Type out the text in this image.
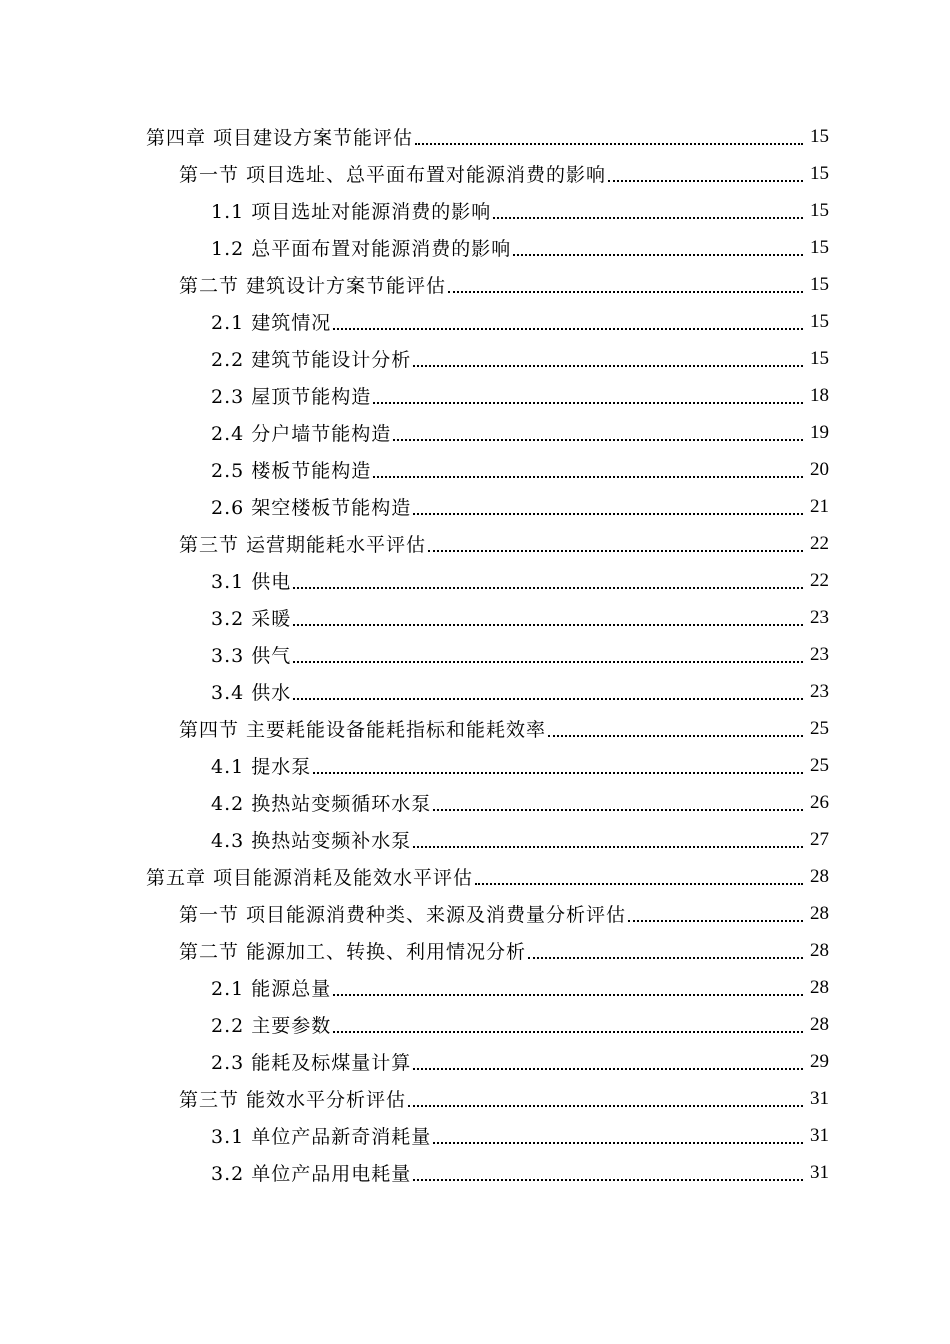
第四章 项目建设方案节能评估	15
第一节 项目选址、总平面布置对能源消费的影响	15
1.1 项目选址对能源消费的影响	15
1.2 总平面布置对能源消费的影响	15
第二节 建筑设计方案节能评估	15
2.1 建筑情况	15
2.2 建筑节能设计分析	15
2.3 屋顶节能构造	18
2.4 分户墙节能构造	19
2.5 楼板节能构造	20
2.6 架空楼板节能构造	21
第三节 运营期能耗水平评估	22
3.1 供电	22
3.2 采暖	23
3.3 供气	23
3.4 供水	23
第四节 主要耗能设备能耗指标和能耗效率	25
4.1 提水泵	25
4.2 换热站变频循环水泵	26
4.3 换热站变频补水泵	27
第五章 项目能源消耗及能效水平评估	28
第一节 项目能源消费种类、来源及消费量分析评估	28
第二节 能源加工、转换、利用情况分析	28
2.1 能源总量	28
2.2 主要参数	28
2.3 能耗及标煤量计算	29
第三节 能效水平分析评估	31
3.1 单位产品新奇消耗量	31
3.2 单位产品用电耗量	31
